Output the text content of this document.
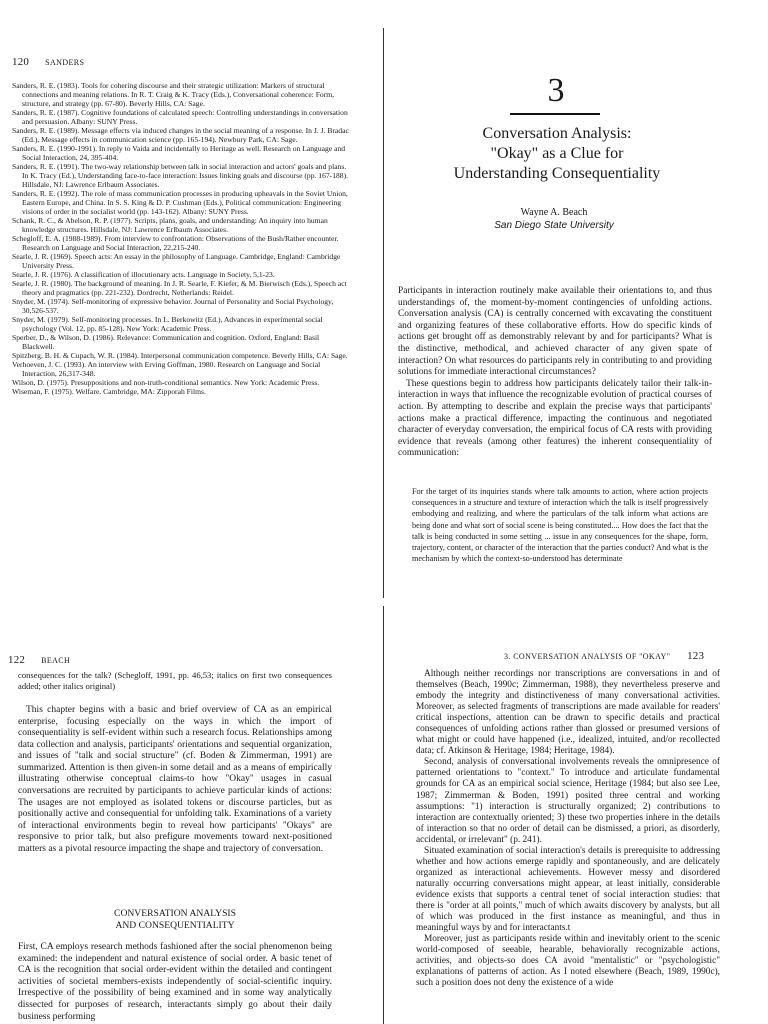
120 SANDERS
Sanders, R. E. (1983). Tools for cohering discourse and their strategic utilization: Markers of structural connections and meaning relations. In R. T. Craig & K. Tracy (Eds.), Conversational coherence: Form, structure, and strategy (pp. 67-80). Beverly Hills, CA: Sage.
Sanders, R. E. (1987). Cognitive foundations of calculated speech: Controlling understandings in conversation and persuasion. Albany: SUNY Press.
Sanders, R. E. (1989). Message effects via induced changes in the social meaning of a response. In J. J. Bradac (Ed.), Message effects in communication science (pp. 165-194). Newbury Park, CA: Sage.
Sanders, R. E. (1990-1991). In reply to Vaida and incidentally to Heritage as well. Research on Language and Social Interaction, 24, 395-404.
Sanders, R. E. (1991). The two-way relationship between talk in social interaction and actors' goals and plans. In K. Tracy (Ed.), Understanding face-to-face interaction: Issues linking goals and discourse (pp. 167-188). Hillsdale, NJ: Lawrence Erlbaum Associates.
Sanders, R. E. (1992). The role of mass communication processes in producing upheavals in the Soviet Union, Eastern Europe, and China. In S. S. King & D. P. Cushman (Eds.), Political communication: Engineering visions of order in the socialist world (pp. 143-162). Albany: SUNY Press.
Schank, R. C., & Abelson, R. P. (1977). Scripts, plans, goals, and understanding: An inquiry into human knowledge structures. Hillsdale, NJ: Lawrence Erlbaum Associates.
Schegloff, E. A. (1988-1989). From interview to confrontation: Observations of the Bush/Rather encounter. Research on Language and Social Interaction, 22,215-240.
Searle, J. R. (1969). Speech acts: An essay in the philosophy of Language. Cambridge, England: Cambridge University Press.
Searle, J. R. (1976). A classification of illocutionary acts. Language in Society, 5,1-23.
Searle, J. R. (1980). The background of meaning. In J. R. Searle, F. Kiefer, & M. Bierwisch (Eds.), Speech act theory and pragmatics (pp. 221-232). Dordrecht, Netherlands: Reidel.
Snyder, M. (1974). Self-monitoring of expressive behavior. Journal of Personality and Social Psychology, 30,526-537.
Snyder, M. (1979). Self-monitoring processes. In L. Berkowitz (Ed.), Advances in experimental social psychology (Vol. 12, pp. 85-128). New York: Academic Press.
Sperber, D., & Wilson, D. (1986). Relevance: Communication and cognition. Oxford, England: Basil Blackwell.
Spitzberg, B. H. & Cupach, W. R. (1984). Interpersonal communication competence. Beverly Hills, CA: Sage.
Verhoeven, J. C. (1993). An interview with Erving Goffman, 1980. Research on Language and Social Interaction, 26,317-348.
Wilson, D. (1975). Presuppositions and non-truth-conditional semantics. New York: Academic Press.
Wiseman, F. (1975). Welfare. Cambridge, MA: Zipporah Films.
3
Conversation Analysis:
"Okay" as a Clue for
Understanding Consequentiality
Wayne A. Beach
San Diego State University

Participants in interaction routinely make available their orientations to, and thus understandings of, the moment-by-moment contingencies of unfolding actions. Conversation analysis (CA) is centrally concerned with excavating the constituent and organizing features of these collaborative efforts. How do specific kinds of actions get brought off as demonstrably relevant by and for participants? What is the distinctive, methodical, and achieved character of any given spate of interaction? On what resources do participants rely in contributing to and providing solutions for immediate interactional circumstances?

These questions begin to address how participants delicately tailor their talk-in-interaction in ways that influence the recognizable evolution of practical courses of action. By attempting to describe and explain the precise ways that participants' actions make a practical difference, impacting the continuous and negotiated character of everyday conversation, the empirical focus of CA rests with providing evidence that reveals (among other features) the inherent consequentiality of communication:

For the target of its inquiries stands where talk amounts to action, where action projects consequences in a structure and texture of interaction which the talk is itself progressively embodying and realizing, and where the particulars of the talk inform what actions are being done and what sort of social scene is being constituted.... How does the fact that the talk is being conducted in some setting ... issue in any consequences for the shape, form, trajectory, content, or character of the interaction that the parties conduct? And what is the mechanism by which the context-so-understood has determinate
122 BEACH

consequences for the talk? (Schegloff, 1991, pp. 46,53; italics on first two consequences added; other italics original)

This chapter begins with a basic and brief overview of CA as an empirical enterprise, focusing especially on the ways in which the import of consequentiality is self-evident within such a research focus. Relationships among data collection and analysis, participants' orientations and sequential organization, and issues of "talk and social structure" (cf. Boden & Zimmerman, 1991) are summarized. Attention is then given-in some detail and as a means of empirically illustrating otherwise conceptual claims-to how "Okay" usages in casual conversations are recruited by participants to achieve particular kinds of actions: The usages are not employed as isolated tokens or discourse particles, but as positionally active and consequential for unfolding talk. Examinations of a variety of interactional environments begin to reveal how participants' "Okays" are responsive to prior talk, but also prefigure movements toward next-positioned matters as a pivotal resource impacting the shape and trajectory of conversation.

CONVERSATION ANALYSIS
AND CONSEQUENTIALITY
First, CA employs research methods fashioned after the social phenomenon being examined: the independent and natural existence of social order. A basic tenet of CA is the recognition that social order-evident within the detailed and contingent activities of societal members-exists independently of social-scientific inquiry. Irrespective of the possibility of being examined and in some way analytically dissected for purposes of research, interactants simply go about their daily business performing
3. CONVERSATION ANALYSIS OF "OKAY" 123

Although neither recordings nor transcriptions are conversations in and of themselves (Beach, 1990c; Zimmerman, 1988), they nevertheless preserve and embody the integrity and distinctiveness of many conversational activities. Moreover, as selected fragments of transcriptions are made available for readers' critical inspections, attention can be drawn to specific details and practical consequences of unfolding actions rather than glossed or presumed versions of what might or could have happened (i.e., idealized, intuited, and/or recollected data; cf. Atkinson & Heritage, 1984; Heritage, 1984).

Second, analysis of conversational involvements reveals the omnipresence of patterned orientations to "context." To introduce and articulate fundamental grounds for CA as an empirical social science, Heritage (1984; but also see Lee, 1987; Zimmerman & Boden, 1991) posited three central and working assumptions: "1) interaction is structurally organized; 2) contributions to interaction are contextually oriented; 3) these two properties inhere in the details of interaction so that no order of detail can be dismissed, a priori, as disorderly, accidental, or irrelevant" (p. 241).

Situated examination of social interaction's details is prerequisite to addressing whether and how actions emerge rapidly and spontaneously, and are delicately organized as interactional achievements. However messy and disordered naturally occurring conversations might appear, at least initially, considerable evidence exists that supports a central tenet of social interaction studies: that there is "order at all points," much of which awaits discovery by analysts, but all of which was produced in the first instance as meaningful, and thus in meaningful ways by and for interactants.t

Moreover, just as participants reside within and inevitably orient to the scenic world-composed of seeable, hearable, behaviorally recognizable actions, activities, and objects-so does CA avoid "mentalistic" or "psychologistic" explanations of patterns of action. As I noted elsewhere (Beach, 1989, 1990c), such a position does not deny the existence of a wide
